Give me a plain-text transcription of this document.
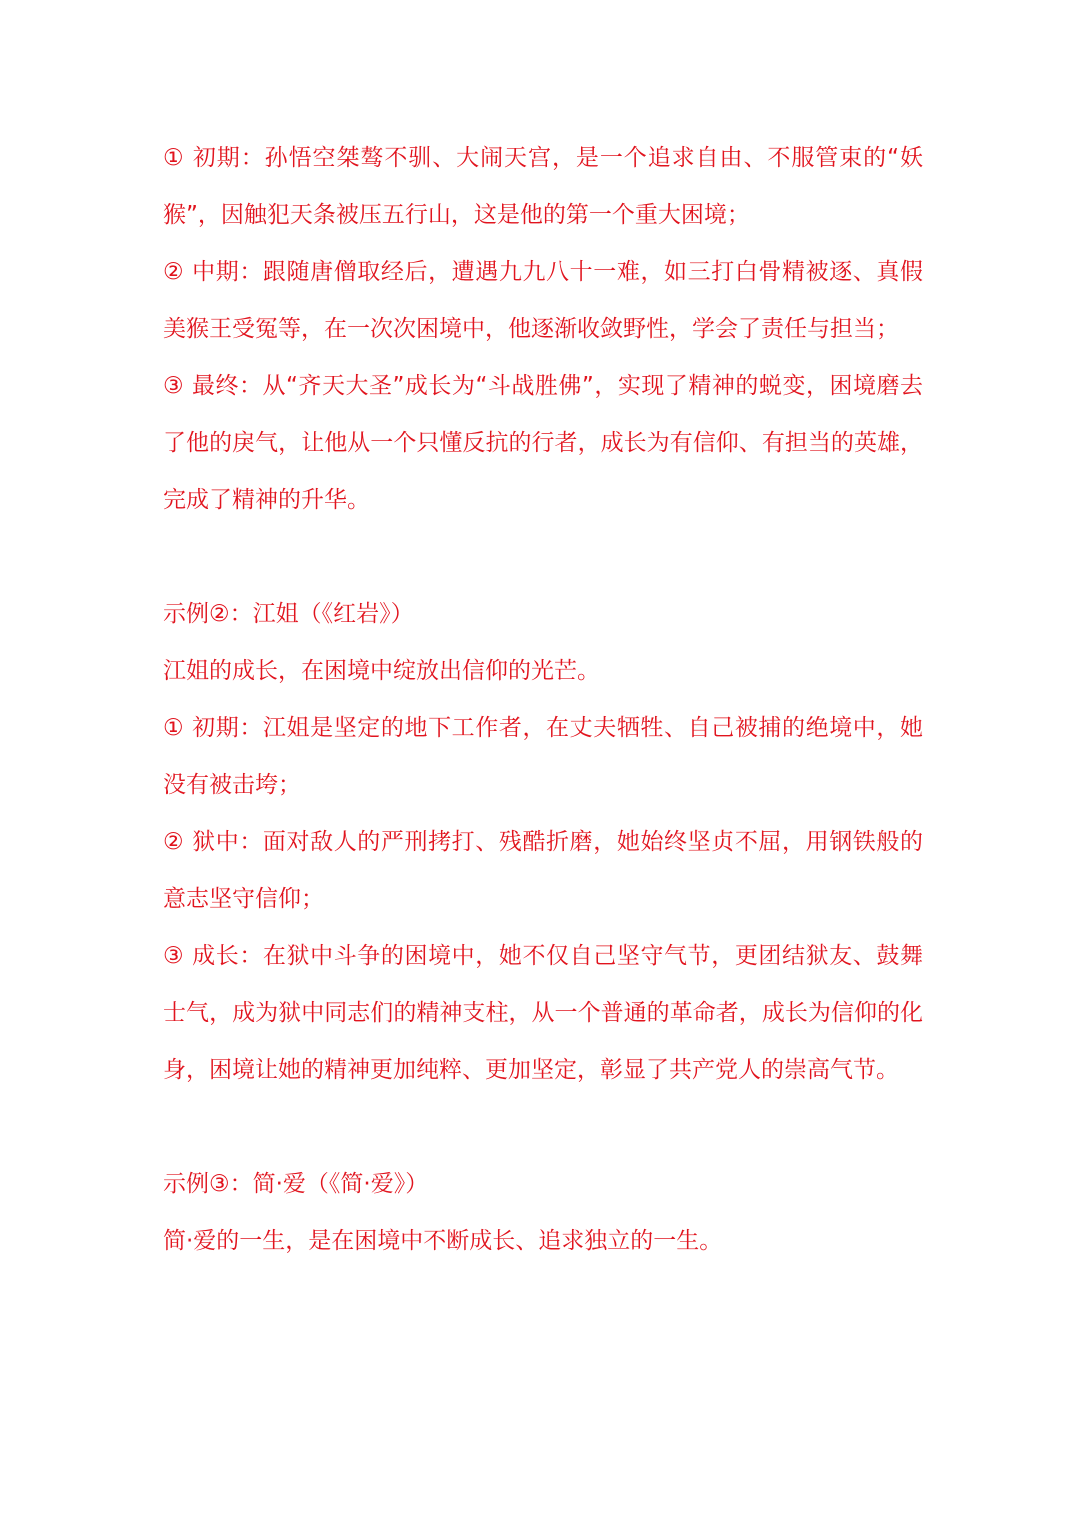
① 初期：孙悟空桀骜不驯、大闹天宫，是一个追求自由、不服管束的“妖猴”，因触犯天条被压五行山，这是他的第一个重大困境；

② 中期：跟随唐僧取经后，遭遇九九八十一难，如三打白骨精被逐、真假美猴王受冤等，在一次次困境中，他逐渐收敛野性，学会了责任与担当；

③ 最终：从“齐天大圣”成长为“斗战胜佛”，实现了精神的蜕变，困境磨去了他的戾气，让他从一个只懂反抗的行者，成长为有信仰、有担当的英雄，完成了精神的升华。

示例②：江姐（《红岩》）

江姐的成长，在困境中绽放出信仰的光芒。

① 初期：江姐是坚定的地下工作者，在丈夫牺牲、自己被捕的绝境中，她没有被击垮；

② 狱中：面对敌人的严刑拷打、残酷折磨，她始终坚贞不屈，用钢铁般的意志坚守信仰；

③ 成长：在狱中斗争的困境中，她不仅自己坚守气节，更团结狱友、鼓舞士气，成为狱中同志们的精神支柱，从一个普通的革命者，成长为信仰的化身，困境让她的精神更加纯粹、更加坚定，彰显了共产党人的崇高气节。

示例③：简·爱（《简·爱》）

简·爱的一生，是在困境中不断成长、追求独立的一生。
